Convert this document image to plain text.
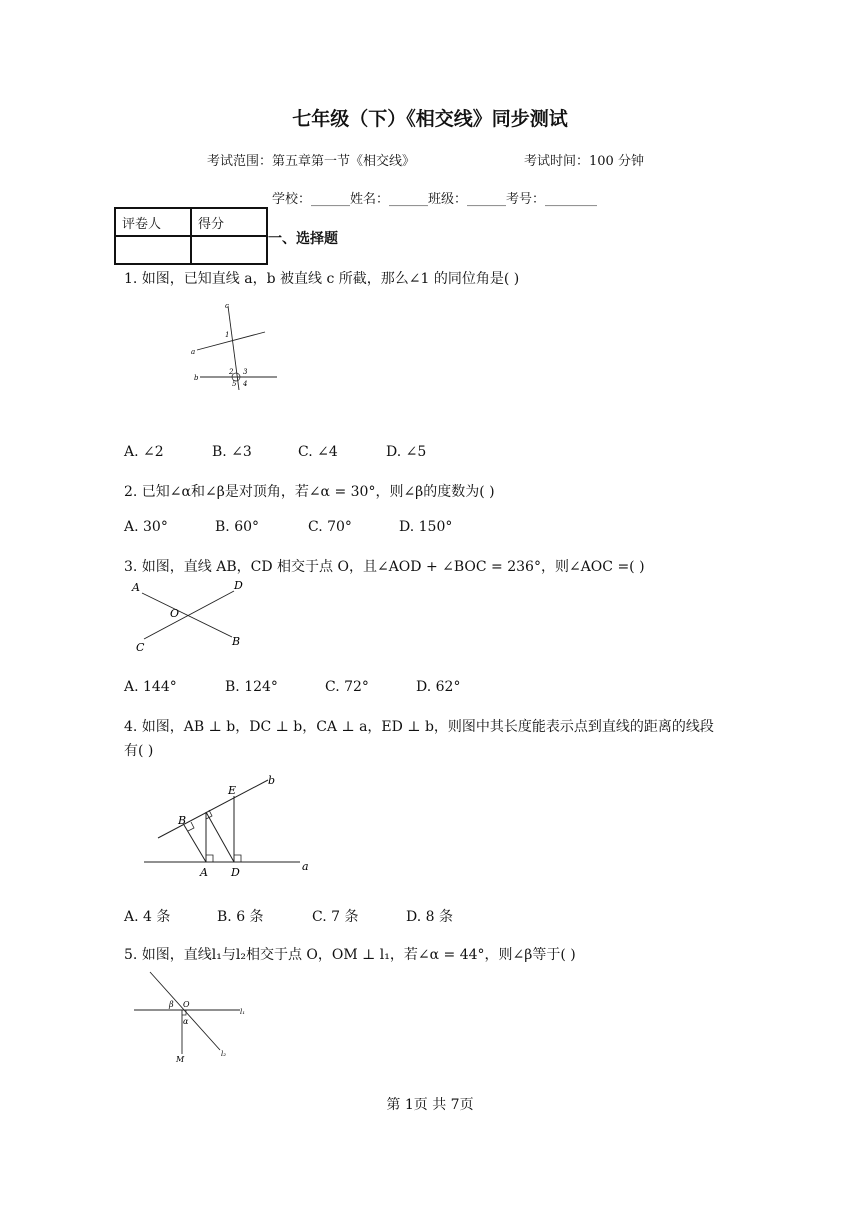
七年级（下）《相交线》同步测试
考试范围：第五章第一节《相交线》	考试时间：100 分钟
学校：______姓名：______班级：______考号：________
评卷人	得分

一、选择题
1. 如图，已知直线 a，b 被直线 c 所截，那么∠1 的同位角是( )
c
a
b
1
2 3
5 4
A. ∠2	B. ∠3	C. ∠4	D. ∠5
2. 已知∠α和∠β是对顶角，若∠α = 30°，则∠β的度数为( )
A. 30°	B. 60°	C. 70°	D. 150°
3. 如图，直线 AB，CD 相交于点 O，且∠AOD + ∠BOC = 236°，则∠AOC =( )
A	D
O
C	B
A. 144°	B. 124°	C. 72°	D. 62°
4. 如图，AB ⊥ b，DC ⊥ b，CA ⊥ a，ED ⊥ b，则图中其长度能表示点到直线的距离的线段
有( )
b
E
B
A D	a
A. 4 条	B. 6 条	C. 7 条	D. 8 条
5. 如图，直线l₁与l₂相交于点 O，OM ⊥ l₁，若∠α = 44°，则∠β等于( )
β O
α
M
l₁
l₂
第 1页 共 7页
